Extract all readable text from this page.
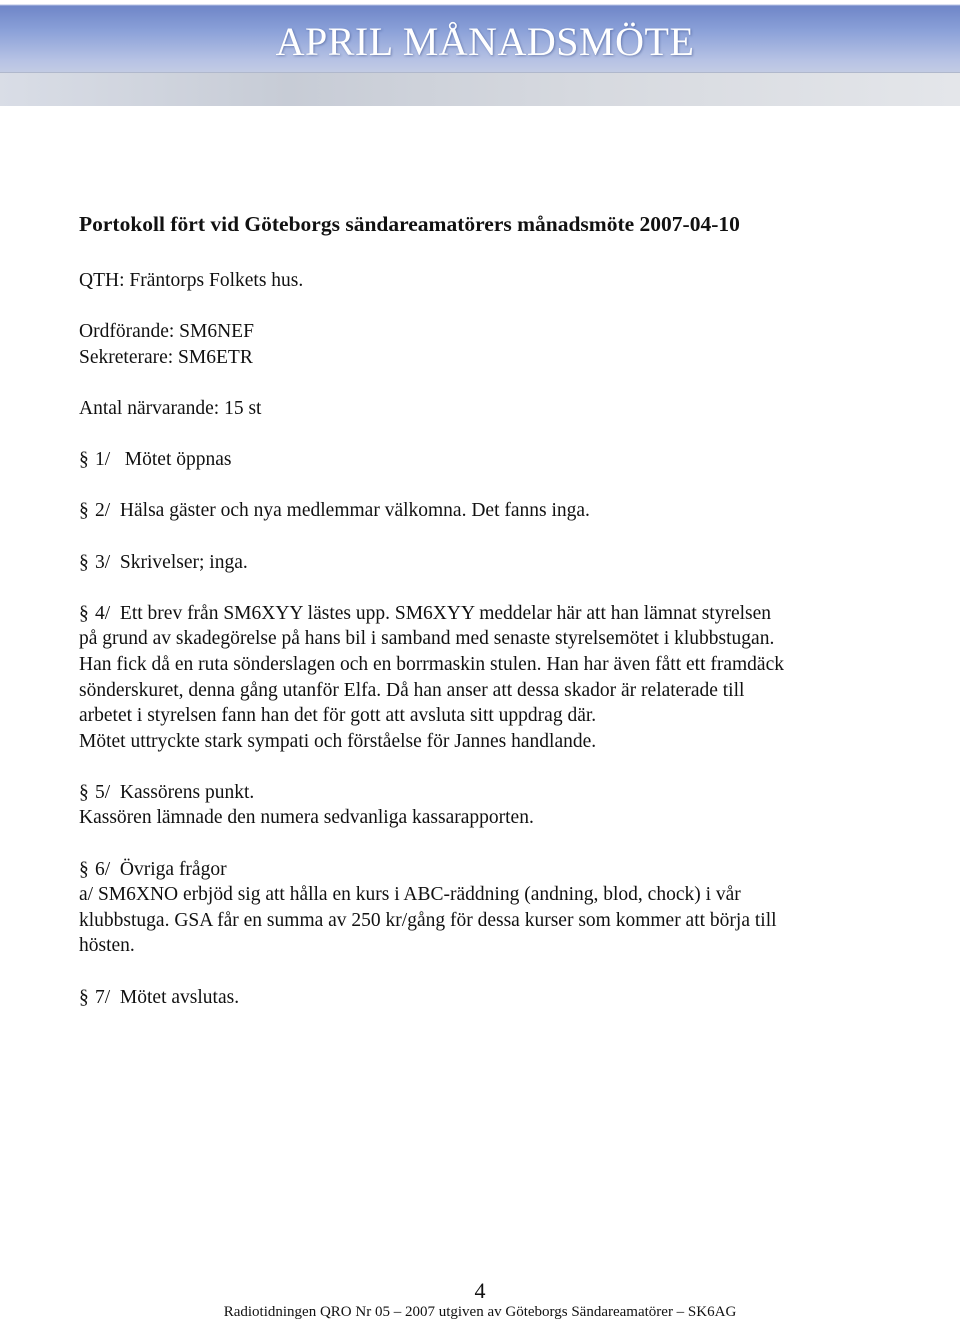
APRIL MÅNADSMÖTE

Portokoll fört vid Göteborgs sändareamatörers månadsmöte 2007-04-10

QTH: Fräntorps Folkets hus.

Ordförande: SM6NEF

Sekreterare: SM6ETR

Antal närvarande: 15 st

§ 1/   Mötet öppnas

§ 2/  Hälsa gäster och nya medlemmar välkomna. Det fanns inga.

§ 3/  Skrivelser; inga.

§ 4/  Ett brev från SM6XYY lästes upp. SM6XYY meddelar här att han lämnat styrelsen

på grund av skadegörelse på hans bil i samband med senaste styrelsemötet i klubbstugan.

Han fick då en ruta sönderslagen och en borrmaskin stulen. Han har även fått ett framdäck

sönderskuret, denna gång utanför Elfa. Då han anser att dessa skador är relaterade till

arbetet i styrelsen fann han det för gott att avsluta sitt uppdrag där.

Mötet uttryckte stark sympati och förståelse för Jannes handlande.

§ 5/  Kassörens punkt.

Kassören lämnade den numera sedvanliga kassarapporten.

§ 6/  Övriga frågor

a/ SM6XNO erbjöd sig att hålla en kurs i ABC-räddning (andning, blod, chock) i vår

klubbstuga. GSA får en summa av 250 kr/gång för dessa kurser som kommer att börja till

hösten.

§ 7/  Mötet avslutas.

4
Radiotidningen QRO Nr 05 – 2007 utgiven av Göteborgs Sändareamatörer – SK6AG
